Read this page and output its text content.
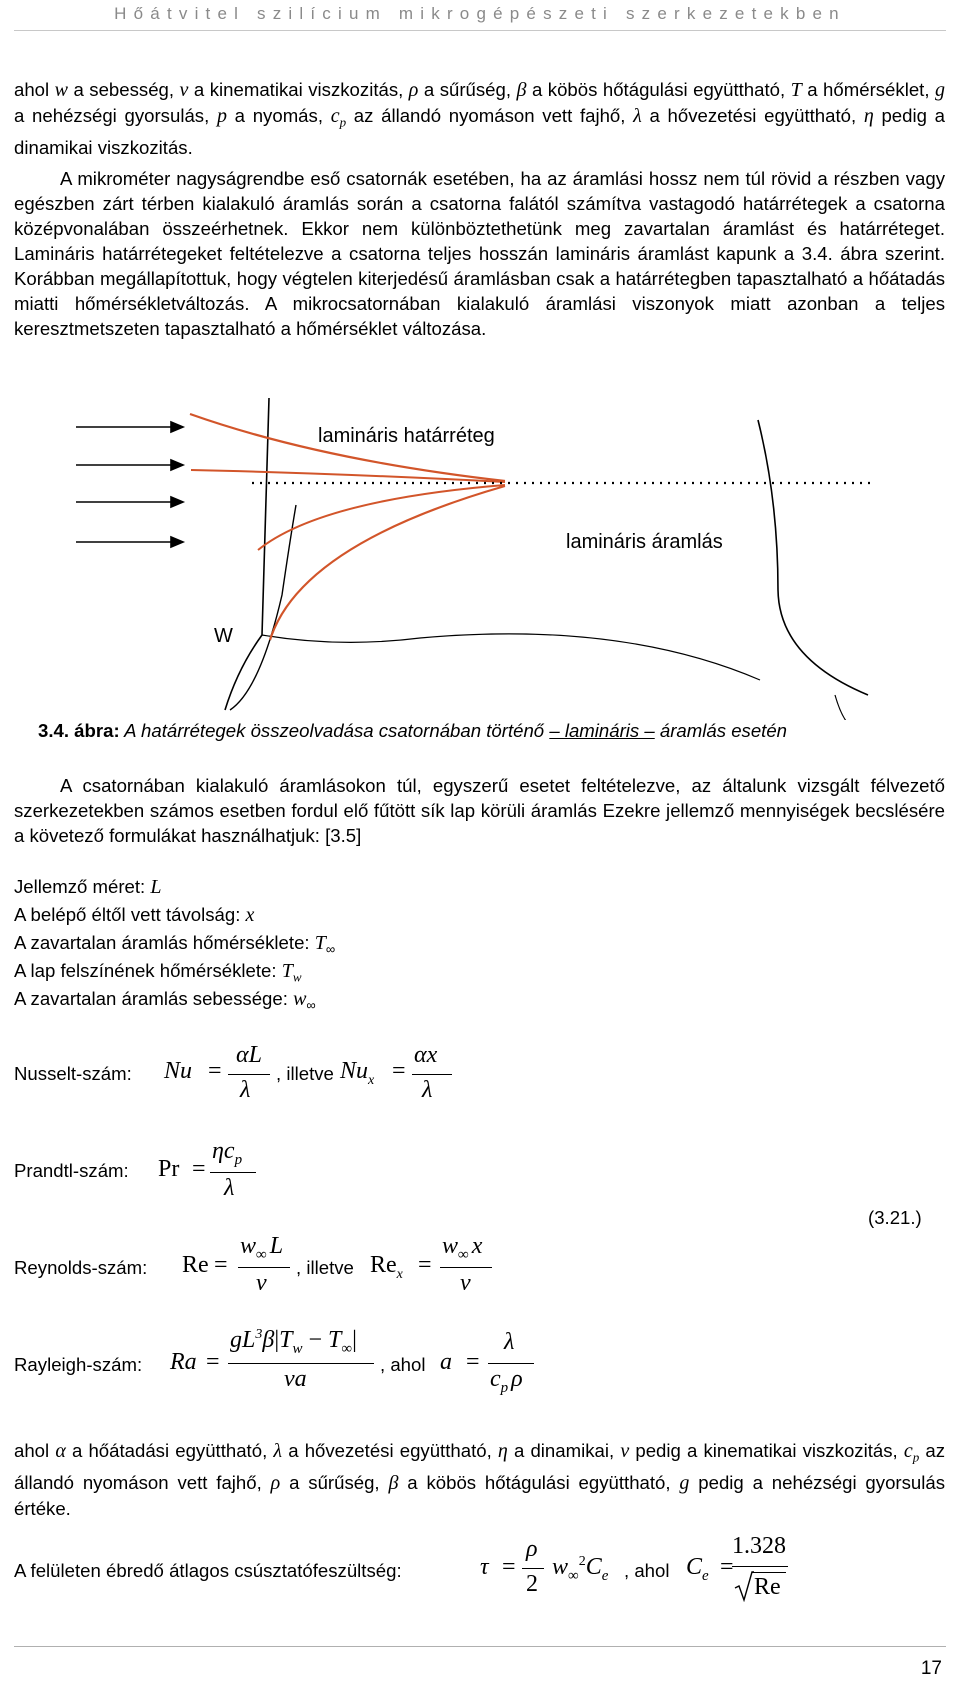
Hőátvitel szilícium mikrogépészeti szerkezetekben

ahol w a sebesség, ν a kinematikai viszkozitás, ρ a sűrűség, β a köbös hőtágulási együttható, T a hőmérséklet, g a nehézségi gyorsulás, p a nyomás, $c_p$ az állandó nyomáson vett fajhő, λ a hővezetési együttható, η pedig a dinamikai viszkozitás.

A mikrométer nagyságrendbe eső csatornák esetében, ha az áramlási hossz nem túl rövid a részben vagy egészben zárt térben kialakuló áramlás során a csatorna falától számítva vastagodó határrétegek a csatorna középvonalában összeérhetnek. Ekkor nem különböztethetünk meg zavartalan áramlást és határréteget. Lamináris határrétegeket feltételezve a csatorna teljes hosszán lamináris áramlást kapunk a 3.4. ábra szerint. Korábban megállapítottuk, hogy végtelen kiterjedésű áramlásban csak a határrétegben tapasztalható a hőátadás miatti hőmérsékletváltozás. A mikrocsatornában kialakuló áramlási viszonyok miatt azonban a teljes keresztmetszeten tapasztalható a hőmérséklet változása.

lamináris határréteg
lamináris áramlás
W
3.4. ábra: A határrétegek összeolvadása csatornában történő – lamináris – áramlás esetén

A csatornában kialakuló áramlásokon túl, egyszerű esetet feltételezve, az általunk vizsgált félvezető szerkezetekben számos esetben fordul elő fűtött sík lap körüli áramlás Ezekre jellemző mennyiségek becslésére a követező formulákat használhatjuk: [3.5]

Jellemző méret: L
A belépő éltől vett távolság: x
A zavartalan áramlás hőmérséklete: $T_\infty$
A lap felszínének hőmérséklete: $T_w$
A zavartalan áramlás sebessége: $w_\infty$
Nusselt-szám: Nu =
αL
λ
, illetve $Nu_x$ =
αx
λ
Prandtl-szám: Pr =
$\eta c_p$
λ
(3.21.)
Reynolds-szám: Re =
$w_\infty$ L
ν
, illetve $Re_x$ =
$w_\infty$ x
ν
Rayleigh-szám: Ra =
$gL^3\beta|T_w - T_\infty|$
νa
, ahol a =
λ
$c_p$ ρ

ahol α a hőátadási együttható, λ a hővezetési együttható, η a dinamikai, ν pedig a kinematikai viszkozitás, $c_p$ az állandó nyomáson vett fajhő, ρ a sűrűség, β a köbös hőtágulási együttható, g pedig a nehézségi gyorsulás értéke.

A felületen ébredő átlagos csúsztatófeszültség:	τ =
ρ
2
$w_\infty^2C_e$ , ahol $C_e$ =
1.328
Re
17
